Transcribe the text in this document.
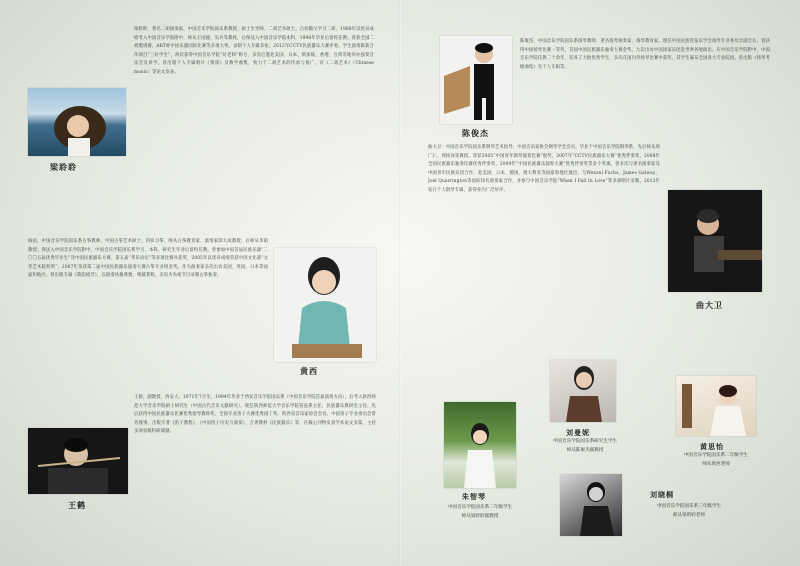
梁聆聆
梁聆聆，著名二胡演奏家，中国音乐学院国乐系教授、硕士生导师、二胡艺术硕士。自幼随父学习二胡，1986年以优异成绩考入中国音乐学院附中，师从王国潼、吴兵等教授，后保送入中国音乐学院本科，1996年毕业后留校任教。曾获全国二胡邀请赛、ART杯中国乐器国际比赛等多项大奖，录制个人专辑多张，2012年CCTV民族器乐大赛评委。学生演奏陈新合作项目“三好学生”，两次获得中国音乐学院“好老师”称号，多次应邀赴美国、日本、新加坡、香港、台湾等地举办独奏音乐会及讲学。曾出版个人专辑唱片《情深》及教学曲集，致力于二胡艺术的传承与推广，有《二胡艺术》（Chinese music）等论文发表。
杨雨，中国音乐学院国乐系古筝教师，中国古筝艺术硕士、四岁习筝，师从古筝教育家、演奏家邱大成教授；后师从李萌教授；保送入中国音乐学院附中，中国音乐学院国乐系学习，本科、研究生毕业后留校任教。曾参加中国首届民族乐器“二〇〇五届优秀毕业生”及中国民族器乐大赛、第五届“华乐论坛”等多项比赛并获奖，2005年以优异成绩荣获中国文化部“文华艺术院校奖”；2007年荣获第二届中国民族器乐演奏大赛古筝专业组金奖。作为演奏家多次出访美国、英国、日本等国家和地区。曾出版专辑《箫韵流芳》，以演奏风格典雅、细腻著称，多次为央视节目录制古筝独奏。
黄西
王鹤，副教授、西安人，1971年7月生，1994年毕业于西安音乐学院国乐系（中国音乐学院首届演奏方向），后考入陕西师范大学音乐学院硕士研究生（中国古代音乐文献研究），现任陕西师范大学音乐学院管弦系主任，民族器乐教研室主任。先后获得中国民族器乐比赛优秀指导教师奖、全国专业笛子大赛优秀园丁奖；陕西省音乐家协会会员、中国笛子专业委员会常务理事。出版专著《笛子教程》、《中国笛子历史与演奏》、合著教材《民族器乐》等，在核心刊物发表学术论文多篇，主持多项省级科研课题。
王鹤
陈俊杰
陈俊杰，中国音乐学院国乐系扬琴教师，著名扬琴演奏家、扬琴教育家，现任中国民族管弦乐学会扬琴专业委员会副会长。曾获得中国扬琴比赛一等奖、首届中国民族器乐独奏大赛金奖。九次出访中国国家乐团赴世界各地演出。在中国音乐学院附中、中国音乐学院任教二十余年，培养了大批优秀学生，多次在国内外扬琴比赛中获奖，其学生遍布全国各大专业院团。曾出版《扬琴考级曲集》及个人专辑等。
曲大卫：中国音乐学院国乐系钢琴艺术指导，中国音乐家协会钢琴学会会员。毕业于中国音乐学院钢琴系，先后师从周广仁、周铭孙等教授。曾获2005“中国青年钢琴演奏比赛”银奖、2007年“CCTV民族器乐大赛”优秀伴奏奖、2008年全国民族器乐独奏比赛优秀伴奏奖、2009年“中国民族器乐独奏大赛”优秀伴奏奖等多个奖项。曾多次与著名演奏家及中国青年民族乐团合作，赴美国、日本、德国、澳大利亚等国家和地区演出，与Wenzel Fuchs、James Galway、Joel Quarrington等国际知名演奏家合作，并参与中国音乐学院“When I Fall In Love”等多部唱片录制，2012年发行个人钢琴专辑，获得业内广泛好评。
曲大卫
刘曼妮
中国音乐学院国乐系研究生学生
师从陈俊杰副教授	黄思怡
中国音乐学院国乐系二年级学生
师从黄西老师
朱智琴
中国音乐学院国乐系二年级学生
师从梁聆聆副教授
刘晓桐
中国音乐学院国乐系三年级学生
师从梁聆聆老师
